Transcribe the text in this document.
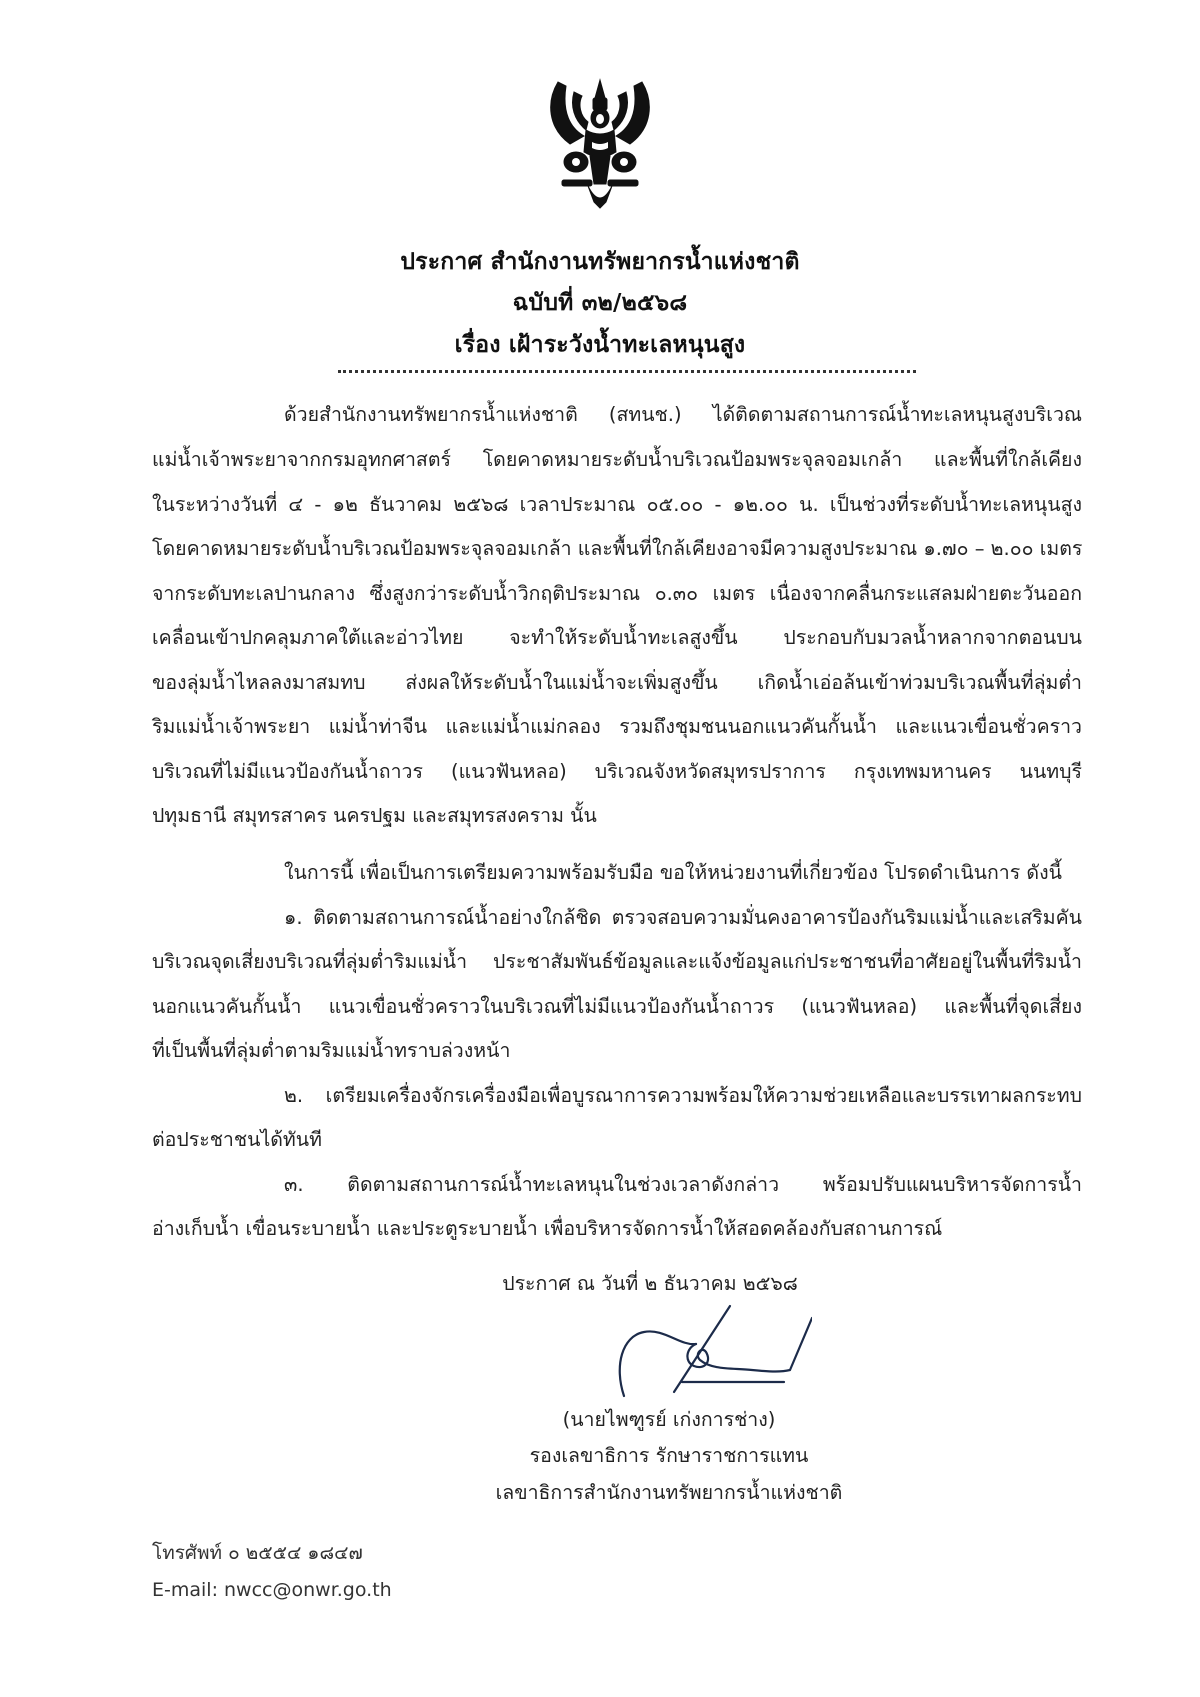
ประกาศ สำนักงานทรัพยากรน้ำแห่งชาติ
ฉบับที่ ๓๒/๒๕๖๘
เรื่อง เฝ้าระวังน้ำทะเลหนุนสูง
ด้วยสำนักงานทรัพยากรน้ำแห่งชาติ (สทนช.) ได้ติดตามสถานการณ์น้ำทะเลหนุนสูงบริเวณ
แม่น้ำเจ้าพระยาจากกรมอุทกศาสตร์ โดยคาดหมายระดับน้ำบริเวณป้อมพระจุลจอมเกล้า และพื้นที่ใกล้เคียง
ในระหว่างวันที่ ๔ - ๑๒ ธันวาคม ๒๕๖๘ เวลาประมาณ ๐๕.๐๐ - ๑๒.๐๐ น. เป็นช่วงที่ระดับน้ำทะเลหนุนสูง
โดยคาดหมายระดับน้ำบริเวณป้อมพระจุลจอมเกล้า และพื้นที่ใกล้เคียงอาจมีความสูงประมาณ ๑.๗๐ – ๒.๐๐ เมตร
จากระดับทะเลปานกลาง ซึ่งสูงกว่าระดับน้ำวิกฤติประมาณ ๐.๓๐ เมตร เนื่องจากคลื่นกระแสลมฝ่ายตะวันออก
เคลื่อนเข้าปกคลุมภาคใต้และอ่าวไทย จะทำให้ระดับน้ำทะเลสูงขึ้น ประกอบกับมวลน้ำหลากจากตอนบน
ของลุ่มน้ำไหลลงมาสมทบ ส่งผลให้ระดับน้ำในแม่น้ำจะเพิ่มสูงขึ้น เกิดน้ำเอ่อล้นเข้าท่วมบริเวณพื้นที่ลุ่มต่ำ
ริมแม่น้ำเจ้าพระยา แม่น้ำท่าจีน และแม่น้ำแม่กลอง รวมถึงชุมชนนอกแนวคันกั้นน้ำ และแนวเขื่อนชั่วคราว
บริเวณที่ไม่มีแนวป้องกันน้ำถาวร (แนวฟันหลอ) บริเวณจังหวัดสมุทรปราการ กรุงเทพมหานคร นนทบุรี
ปทุมธานี สมุทรสาคร นครปฐม และสมุทรสงคราม นั้น
ในการนี้ เพื่อเป็นการเตรียมความพร้อมรับมือ ขอให้หน่วยงานที่เกี่ยวข้อง โปรดดำเนินการ ดังนี้
๑. ติดตามสถานการณ์น้ำอย่างใกล้ชิด ตรวจสอบความมั่นคงอาคารป้องกันริมแม่น้ำและเสริมคัน
บริเวณจุดเสี่ยงบริเวณที่ลุ่มต่ำริมแม่น้ำ ประชาสัมพันธ์ข้อมูลและแจ้งข้อมูลแก่ประชาชนที่อาศัยอยู่ในพื้นที่ริมน้ำ
นอกแนวคันกั้นน้ำ แนวเขื่อนชั่วคราวในบริเวณที่ไม่มีแนวป้องกันน้ำถาวร (แนวฟันหลอ) และพื้นที่จุดเสี่ยง
ที่เป็นพื้นที่ลุ่มต่ำตามริมแม่น้ำทราบล่วงหน้า
๒. เตรียมเครื่องจักรเครื่องมือเพื่อบูรณาการความพร้อมให้ความช่วยเหลือและบรรเทาผลกระทบ
ต่อประชาชนได้ทันที
๓. ติดตามสถานการณ์น้ำทะเลหนุนในช่วงเวลาดังกล่าว พร้อมปรับแผนบริหารจัดการน้ำ
อ่างเก็บน้ำ เขื่อนระบายน้ำ และประตูระบายน้ำ เพื่อบริหารจัดการน้ำให้สอดคล้องกับสถานการณ์
ประกาศ ณ วันที่ ๒ ธันวาคม ๒๕๖๘
(นายไพฑูรย์ เก่งการช่าง)
รองเลขาธิการ รักษาราชการแทน
เลขาธิการสำนักงานทรัพยากรน้ำแห่งชาติ
โทรศัพท์ ๐ ๒๕๕๔ ๑๘๔๗
E-mail: nwcc@onwr.go.th
